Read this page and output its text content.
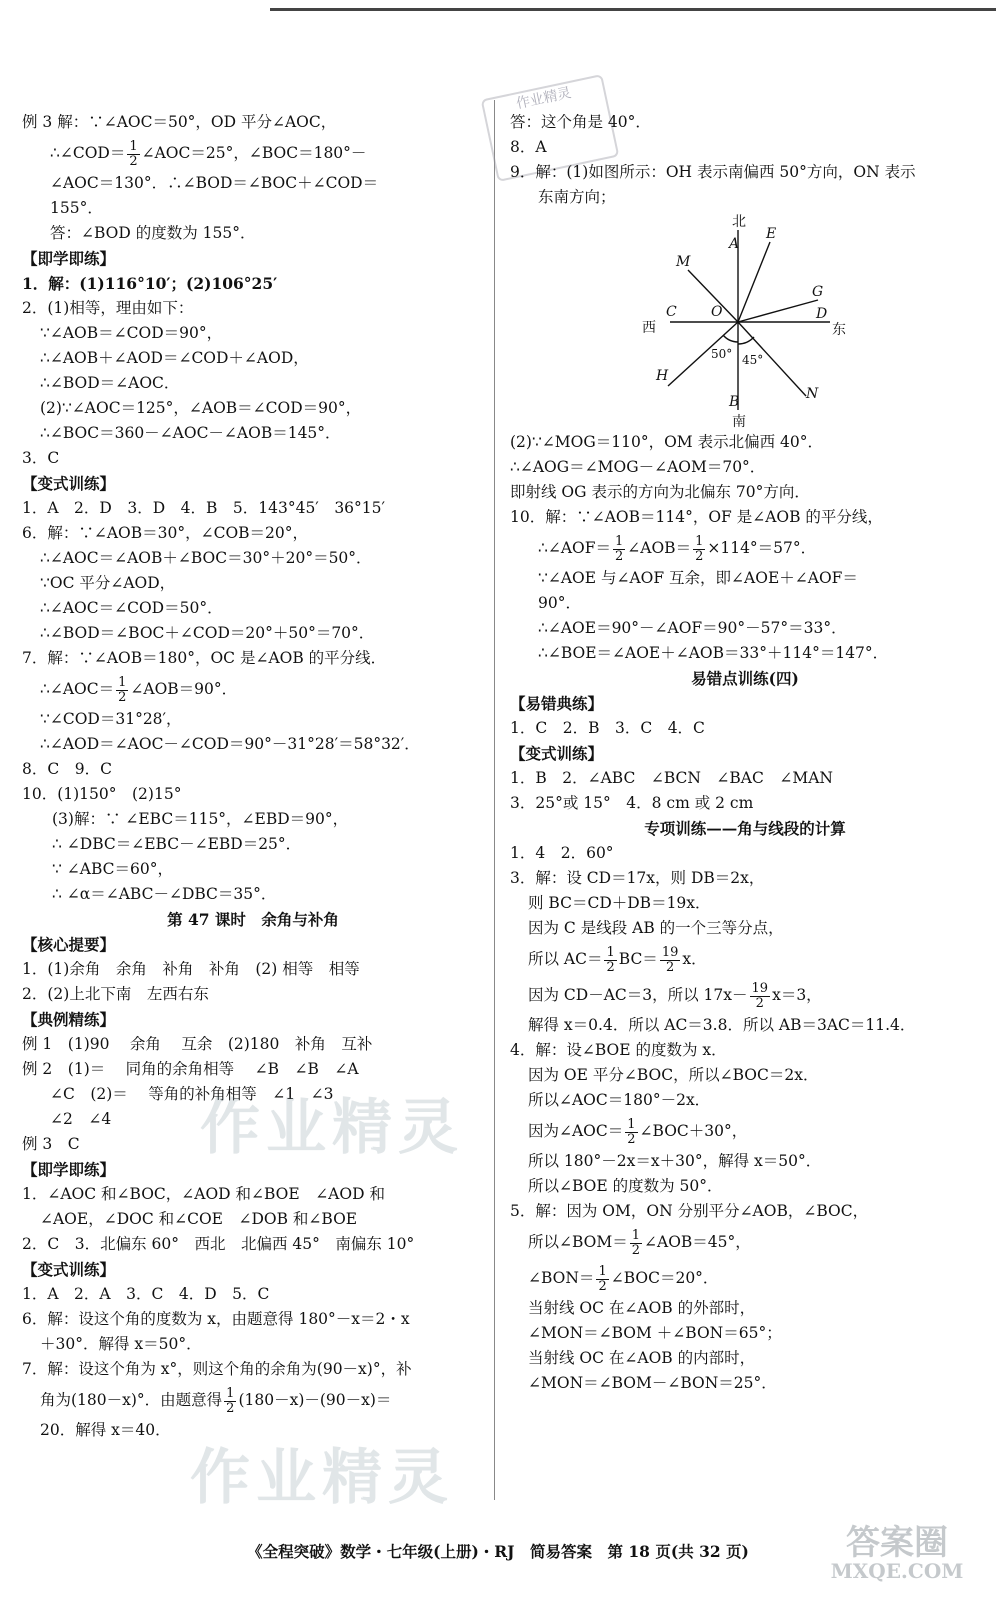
作业精灵
例 3 解：∵∠AOC＝50°，OD 平分∠AOC，
∴∠COD＝ $\frac{1}{2}$ ∠AOC＝25°，∠BOC＝180°－
∠AOC＝130°．∴∠BOD＝∠BOC＋∠COD＝
155°．
答：∠BOD 的度数为 155°．
【即学即练】
1．解：(1)116°10′；(2)106°25′
2．(1)相等，理由如下：
∵∠AOB＝∠COD＝90°，
∴∠AOB＋∠AOD＝∠COD＋∠AOD，
∴∠BOD＝∠AOC．
(2)∵∠AOC＝125°，∠AOB＝∠COD＝90°，
∴∠BOC＝360－∠AOC－∠AOB＝145°．
3．C
【变式训练】
1．A　2．D　3．D　4．B　5．143°45′　36°15′
6．解：∵∠AOB＝30°，∠COB＝20°，
∴∠AOC＝∠AOB＋∠BOC＝30°＋20°＝50°．
∵OC 平分∠AOD，
∴∠AOC＝∠COD＝50°．
∴∠BOD＝∠BOC＋∠COD＝20°＋50°＝70°．
7．解：∵∠AOB＝180°，OC 是∠AOB 的平分线．
∴∠AOC＝ $\frac{1}{2}$ ∠AOB＝90°．
∵∠COD＝31°28′，
∴∠AOD＝∠AOC－∠COD＝90°－31°28′＝58°32′．
8．C　9．C
10．(1)150°　(2)15°
(3)解：∵ ∠EBC＝115°，∠EBD＝90°，
∴ ∠DBC＝∠EBC－∠EBD＝25°．
∵ ∠ABC＝60°，
∴ ∠α＝∠ABC－∠DBC＝35°．
第 47 课时　余角与补角
【核心提要】
1．(1)余角　余角　补角　补角　(2) 相等　相等
2．(2)上北下南　左西右东
【典例精练】
例 1　(1)90　 余角　 互余　(2)180　补角　互补
例 2　(1)＝　 同角的余角相等　 ∠B　∠B　∠A
∠C　(2)＝　 等角的补角相等　∠1　∠3
∠2　∠4
例 3　C
【即学即练】
1．∠AOC 和∠BOC，∠AOD 和∠BOE　∠AOD 和
∠AOE，∠DOC 和∠COE　∠DOB 和∠BOE
2．C　3．北偏东 60°　西北　北偏西 45°　南偏东 10°
【变式训练】
1．A　2．A　3．C　4．D　5．C
6．解：设这个角的度数为 x，由题意得 180°－x＝2・x
＋30°．解得 x＝50°．
7．解：设这个角为 x°，则这个角的余角为(90－x)°，补
角为(180－x)°．由题意得 $\frac{1}{2} (180-x)-(90-x)=$
20．解得 x＝40．
答：这个角是 40°．
8．A
9．解：(1)如图所示：OH 表示南偏西 50°方向，ON 表示
东南方向；
北
西	东
南
A
B
C	D
E
G
H
M
N
O
50° 45°
(2)∵∠MOG＝110°，OM 表示北偏西 40°．
∴∠AOG＝∠MOG－∠AOM＝70°．
即射线 OG 表示的方向为北偏东 70°方向．
10．解：∵∠AOB＝114°，OF 是∠AOB 的平分线，
∴∠AOF＝ $\frac{1}{2}$ ∠AOB＝ $\frac{1}{2} \times 114^\circ=57^\circ$．
∵∠AOE 与∠AOF 互余，即∠AOE＋∠AOF＝
90°．
∴∠AOE＝90°－∠AOF＝90°－57°＝33°．
∴∠BOE＝∠AOE＋∠AOB＝33°＋114°＝147°．
易错点训练(四)
【易错典练】
1．C　2．B　3．C　4．C
【变式训练】
1．B　2．∠ABC　∠BCN　∠BAC　∠MAN
3．25°或 15°　4．8 cm 或 2 cm
专项训练——角与线段的计算
1．4　2．60°
3．解：设 CD＝17x，则 DB＝2x，
则 BC＝CD＋DB＝19x．
因为 C 是线段 AB 的一个三等分点，
所以 $AC= \frac{1}{2} BC= \frac{19}{2}$ x．
因为 CD－AC＝3，所以 $17x- \frac{19}{2} x=3$，
解得 x＝0.4．所以 AC＝3.8．所以 AB＝3AC＝11.4．
4．解：设∠BOE 的度数为 x．
因为 OE 平分∠BOC，所以∠BOC＝2x．
所以∠AOC＝180°－2x．
因为∠AOC＝ $\frac{1}{2}$ ∠BOC＋30°，
所以 180°－2x＝x＋30°，解得 x＝50°．
所以∠BOE 的度数为 50°．
5．解：因为 OM，ON 分别平分∠AOB，∠BOC，
所以∠BOM＝ $\frac{1}{2}$ ∠AOB＝45°，
∠BON＝ $\frac{1}{2}$ ∠BOC＝20°．
当射线 OC 在∠AOB 的外部时，
∠MON＝∠BOM ＋∠BON＝65°；
当射线 OC 在∠AOB 的内部时，
∠MON＝∠BOM－∠BON＝25°．
作业精灵
作业精灵
《全程突破》数学・七年级(上册)・RJ　简易答案　第 18 页(共 32 页)	答案圈
MXQE.COM
